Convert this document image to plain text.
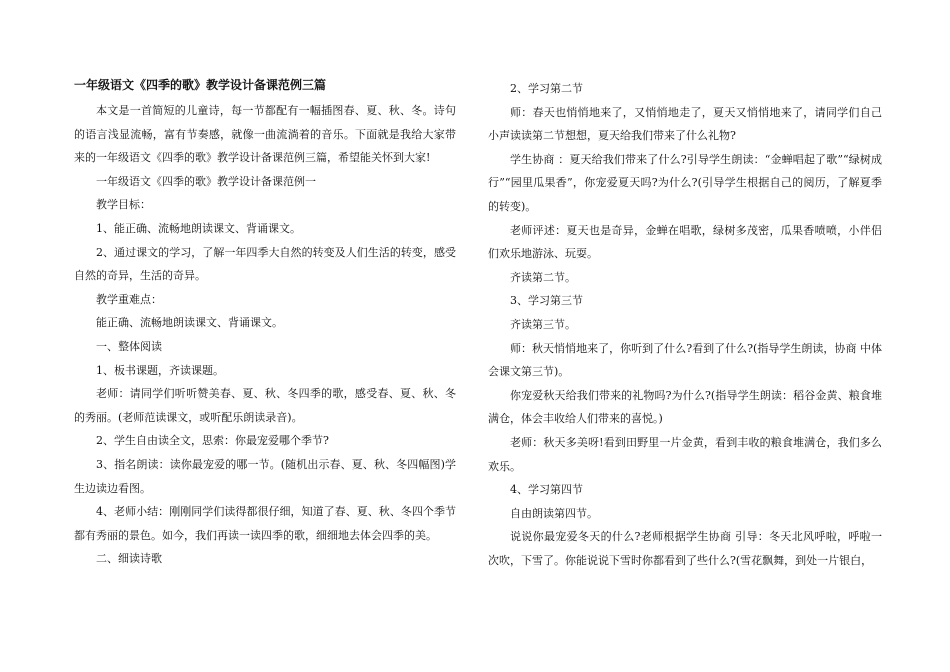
一年级语文《四季的歌》教学设计备课范例三篇

本文是一首简短的儿童诗，每一节都配有一幅插图春、夏、秋、冬。诗句的语言浅显流畅，富有节奏感，就像一曲流淌着的音乐。下面就是我给大家带来的一年级语文《四季的歌》教学设计备课范例三篇，希望能关怀到大家!

一年级语文《四季的歌》教学设计备课范例一

教学目标：

1、能正确、流畅地朗读课文、背诵课文。

2、通过课文的学习，了解一年四季大自然的转变及人们生活的转变，感受自然的奇异，生活的奇异。

教学重难点：

能正确、流畅地朗读课文、背诵课文。

一、整体阅读

1、板书课题，齐读课题。

老师：请同学们听听赞美春、夏、秋、冬四季的歌，感受春、夏、秋、冬的秀丽。(老师范读课文，或听配乐朗读录音)。

2、学生自由读全文，思索：你最宠爱哪个季节?

3、指名朗读：读你最宠爱的哪一节。(随机出示春、夏、秋、冬四幅图)学生边读边看图。

4、老师小结：刚刚同学们读得都很仔细，知道了春、夏、秋、冬四个季节都有秀丽的景色。如今，我们再读一读四季的歌，细细地去体会四季的美。

二、细读诗歌

2、学习第二节

师：春天也悄悄地来了，又悄悄地走了，夏天又悄悄地来了，请同学们自己小声读读第二节想想，夏天给我们带来了什么礼物?

学生协商 ：夏天给我们带来了什么?引导学生朗读：“金蝉唱起了歌”“绿树成行”“园里瓜果香”，你宠爱夏天吗?为什么?(引导学生根据自己的阅历，了解夏季的转变)。

老师评述：夏天也是奇异，金蝉在唱歌，绿树多茂密，瓜果香喷喷，小伴侣们欢乐地游泳、玩耍。

齐读第二节。

3、学习第三节

齐读第三节。

师：秋天悄悄地来了，你听到了什么?看到了什么?(指导学生朗读，协商 中体会课文第三节)。

你宠爱秋天给我们带来的礼物吗?为什么?(指导学生朗读：稻谷金黄、粮食堆满仓，体会丰收给人们带来的喜悦。)

老师：秋天多美呀!看到田野里一片金黄，看到丰收的粮食堆满仓，我们多么欢乐。

4、学习第四节

自由朗读第四节。

说说你最宠爱冬天的什么?老师根据学生协商 引导：冬天北风呼啦，呼啦一次吹，下雪了。你能说说下雪时你都看到了些什么?(雪花飘舞，到处一片银白，
